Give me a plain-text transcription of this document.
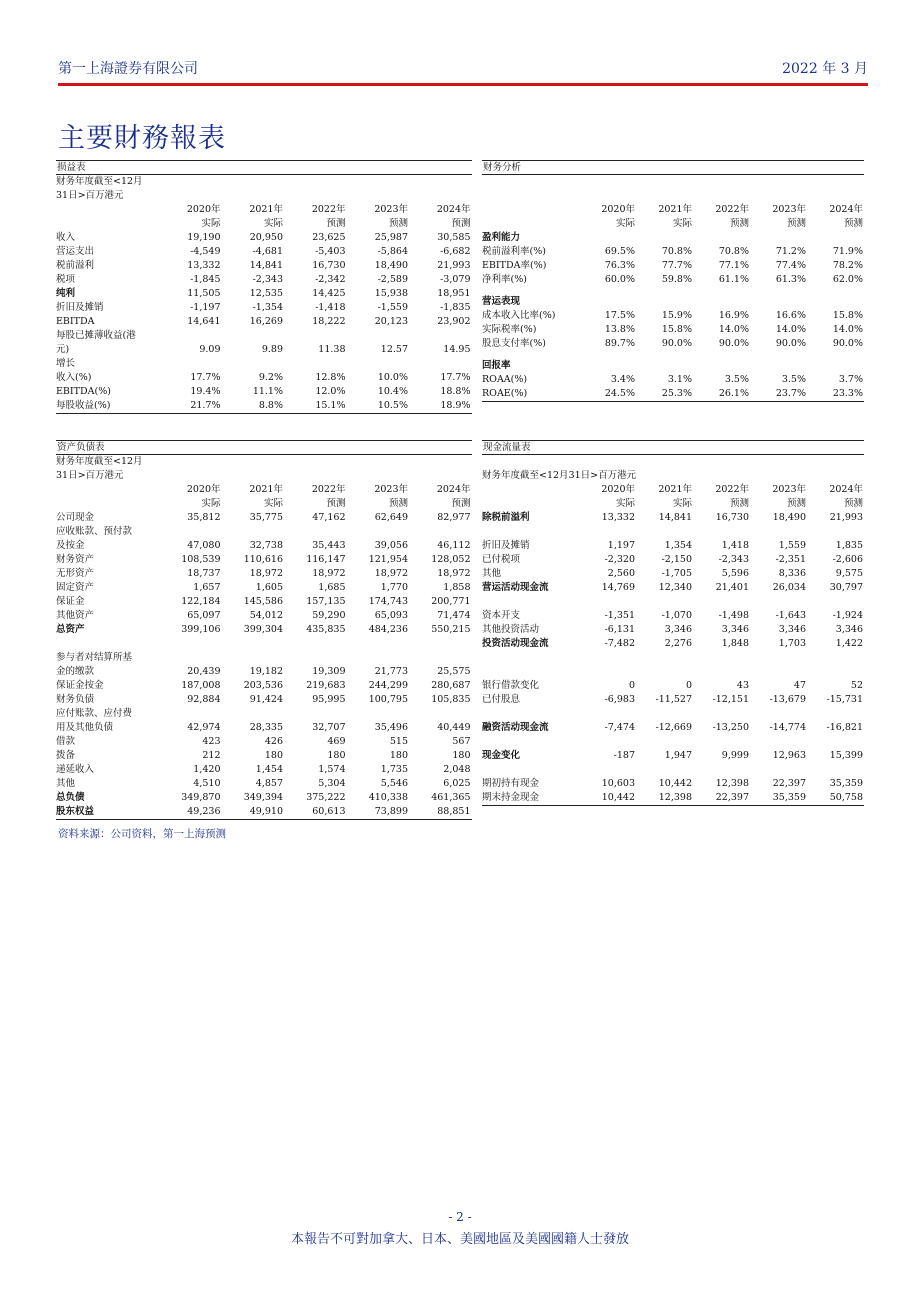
第一上海證券有限公司	2022 年 3 月
主要財務報表
损益表
财务年度截至<12月
31日>百万港元
2020年	2021年	2022年	2023年	2024年
实际	实际	预测	预测	预测
收入	19,190	20,950	23,625	25,987	30,585
营运支出	-4,549	-4,681	-5,403	-5,864	-6,682
税前溢利	13,332	14,841	16,730	18,490	21,993
税项	-1,845	-2,343	-2,342	-2,589	-3,079
纯利	11,505	12,535	14,425	15,938	18,951
折旧及摊销	-1,197	-1,354	-1,418	-1,559	-1,835
EBITDA	14,641	16,269	18,222	20,123	23,902
每股已摊薄收益(港
元)	9.09	9.89	11.38	12.57	14.95
增长
收入(%)	17.7%	9.2%	12.8%	10.0%	17.7%
EBITDA(%)	19.4%	11.1%	12.0%	10.4%	18.8%
每股收益(%)	21.7%	8.8%	15.1%	10.5%	18.9%
财务分析
2020年	2021年	2022年	2023年	2024年
实际	实际	预测	预测	预测
盈利能力
税前溢利率(%)	69.5%	70.8%	70.8%	71.2%	71.9%
EBITDA率(%)	76.3%	77.7%	77.1%	77.4%	78.2%
净利率(%)	60.0%	59.8%	61.1%	61.3%	62.0%
营运表现
成本收入比率(%)	17.5%	15.9%	16.9%	16.6%	15.8%
实际税率(%)	13.8%	15.8%	14.0%	14.0%	14.0%
股息支付率(%)	89.7%	90.0%	90.0%	90.0%	90.0%
回报率
ROAA(%)	3.4%	3.1%	3.5%	3.5%	3.7%
ROAE(%)	24.5%	25.3%	26.1%	23.7%	23.3%
资产负债表
财务年度截至<12月
31日>百万港元
2020年	2021年	2022年	2023年	2024年
实际	实际	预测	预测	预测
公司现金	35,812	35,775	47,162	62,649	82,977
应收账款、预付款
及按金	47,080	32,738	35,443	39,056	46,112
财务资产	108,539	110,616	116,147	121,954	128,052
无形资产	18,737	18,972	18,972	18,972	18,972
固定资产	1,657	1,605	1,685	1,770	1,858
保证金	122,184	145,586	157,135	174,743	200,771
其他资产	65,097	54,012	59,290	65,093	71,474
总资产	399,106	399,304	435,835	484,236	550,215
参与者对结算所基
金的缴款	20,439	19,182	19,309	21,773	25,575
保证金按金	187,008	203,536	219,683	244,299	280,687
财务负债	92,884	91,424	95,995	100,795	105,835
应付账款、应付费
用及其他负债	42,974	28,335	32,707	35,496	40,449
借款	423	426	469	515	567
拨备	212	180	180	180	180
递延收入	1,420	1,454	1,574	1,735	2,048
其他	4,510	4,857	5,304	5,546	6,025
总负债	349,870	349,394	375,222	410,338	461,365
股东权益	49,236	49,910	60,613	73,899	88,851
现金流量表
财务年度截至<12月31日>百万港元
2020年	2021年	2022年	2023年	2024年
实际	实际	预测	预测	预测
除税前溢利	13,332	14,841	16,730	18,490	21,993
折旧及摊销	1,197	1,354	1,418	1,559	1,835
已付税项	-2,320	-2,150	-2,343	-2,351	-2,606
其他	2,560	-1,705	5,596	8,336	9,575
营运活动现金流	14,769	12,340	21,401	26,034	30,797
资本开支	-1,351	-1,070	-1,498	-1,643	-1,924
其他投资活动	-6,131	3,346	3,346	3,346	3,346
投资活动现金流	-7,482	2,276	1,848	1,703	1,422
银行借款变化	0	0	43	47	52
已付股息	-6,983	-11,527	-12,151	-13,679	-15,731
融资活动现金流	-7,474	-12,669	-13,250	-14,774	-16,821
现金变化	-187	1,947	9,999	12,963	15,399
期初持有现金	10,603	10,442	12,398	22,397	35,359
期末持金现金	10,442	12,398	22,397	35,359	50,758
资料来源：公司资料，第一上海预测
- 2 -
本報告不可對加拿大、日本、美國地區及美國國籍人士發放
